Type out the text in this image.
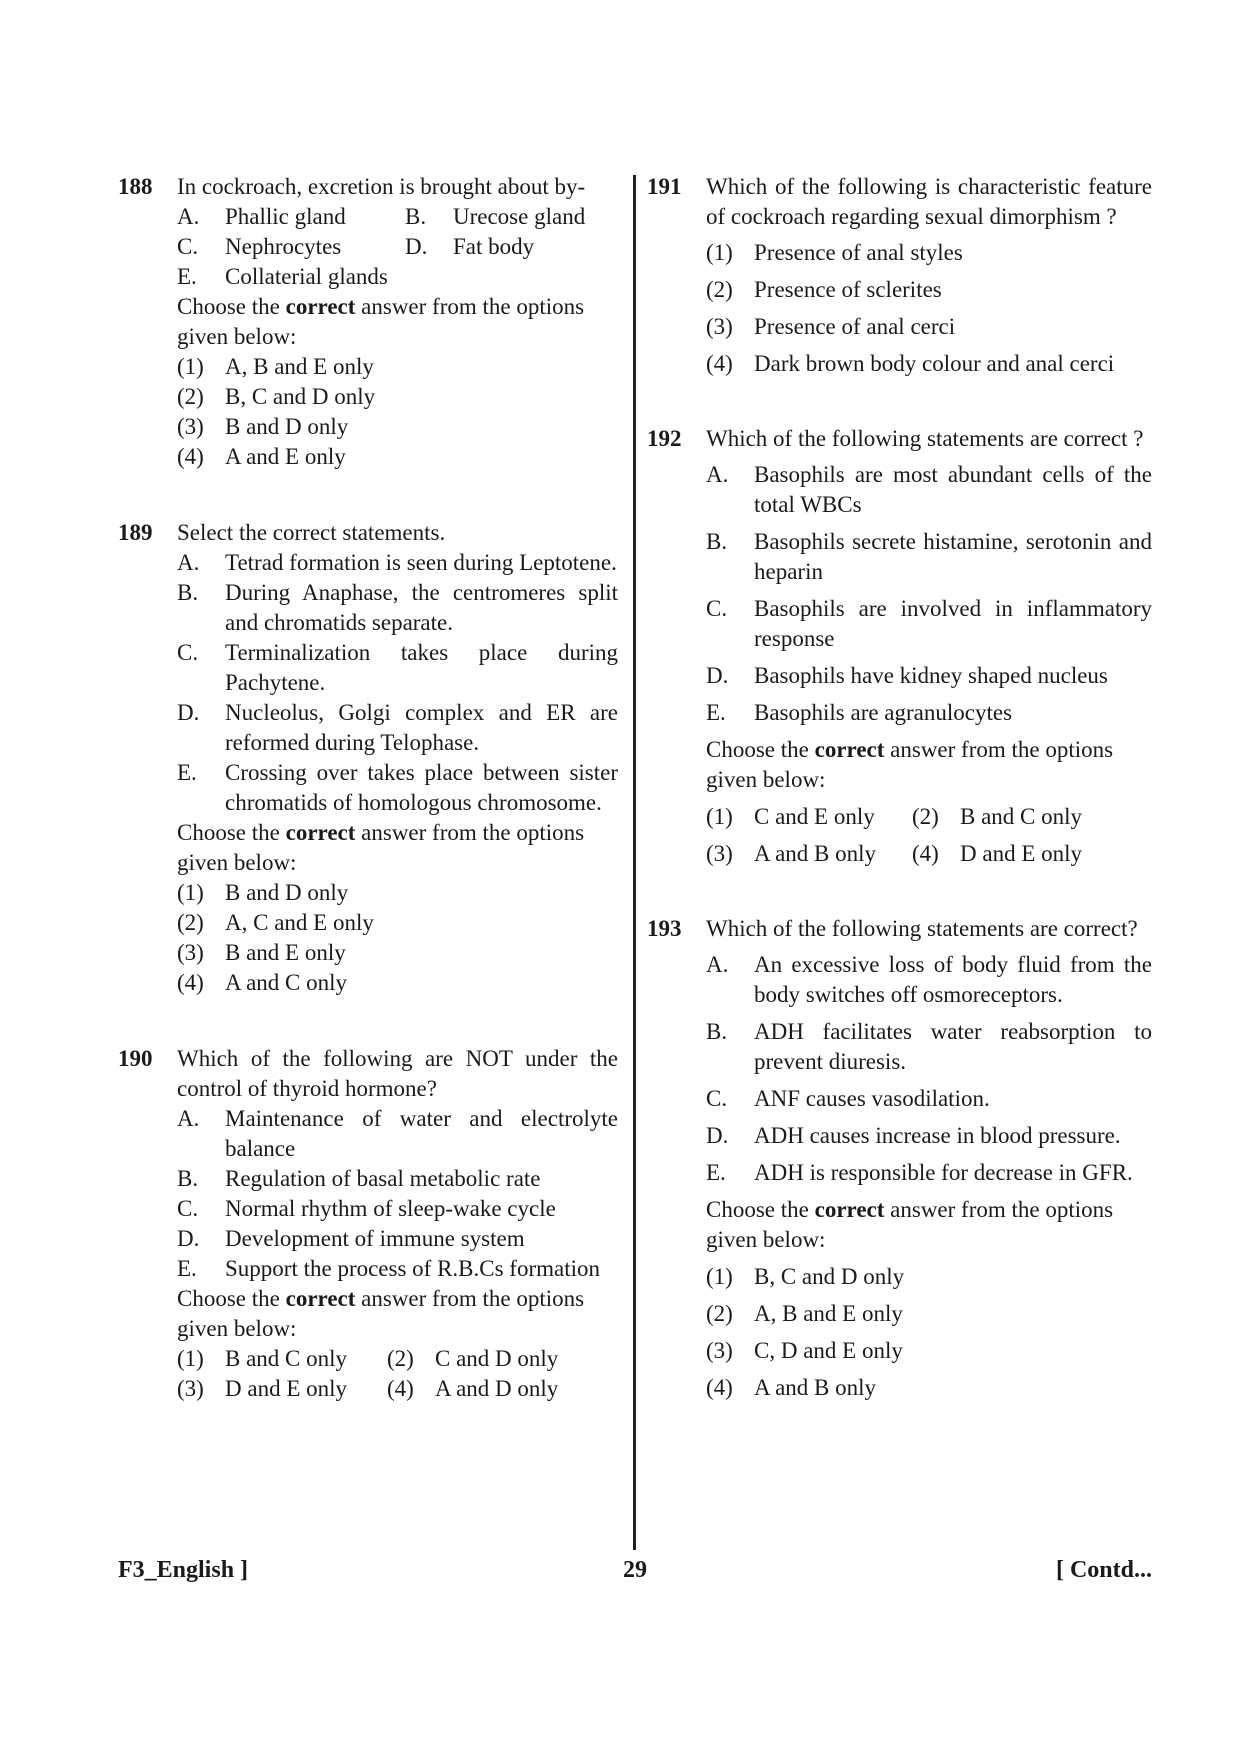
188 In cockroach, excretion is brought about by-
A. Phallic gland	B. Urecose gland
C. Nephrocytes	D. Fat body
E. Collaterial glands
Choose the correct answer from the options given below:
(1) A, B and E only
(2) B, C and D only
(3) B and D only
(4) A and E only
189 Select the correct statements.
A. Tetrad formation is seen during Leptotene.
B. During Anaphase, the centromeres split and chromatids separate.
C. Terminalization takes place during Pachytene.
D. Nucleolus, Golgi complex and ER are reformed during Telophase.
E. Crossing over takes place between sister chromatids of homologous chromosome.
Choose the correct answer from the options given below:
(1) B and D only
(2) A, C and E only
(3) B and E only
(4) A and C only
190 Which of the following are NOT under the control of thyroid hormone?
A. Maintenance of water and electrolyte balance
B. Regulation of basal metabolic rate
C. Normal rhythm of sleep-wake cycle
D. Development of immune system
E. Support the process of R.B.Cs formation
Choose the correct answer from the options given below:
(1) B and C only	(2) C and D only
(3) D and E only	(4) A and D only
191 Which of the following is characteristic feature of cockroach regarding sexual dimorphism ?
(1) Presence of anal styles
(2) Presence of sclerites
(3) Presence of anal cerci
(4) Dark brown body colour and anal cerci
192 Which of the following statements are correct ?
A. Basophils are most abundant cells of the total WBCs
B. Basophils secrete histamine, serotonin and heparin
C. Basophils are involved in inflammatory response
D. Basophils have kidney shaped nucleus
E. Basophils are agranulocytes
Choose the correct answer from the options given below:
(1) C and E only	(2) B and C only
(3) A and B only	(4) D and E only
193 Which of the following statements are correct?
A. An excessive loss of body fluid from the body switches off osmoreceptors.
B. ADH facilitates water reabsorption to prevent diuresis.
C. ANF causes vasodilation.
D. ADH causes increase in blood pressure.
E. ADH is responsible for decrease in GFR.
Choose the correct answer from the options given below:
(1) B, C and D only
(2) A, B and E only
(3) C, D and E only
(4) A and B only
29
F3_English ]	[ Contd...
